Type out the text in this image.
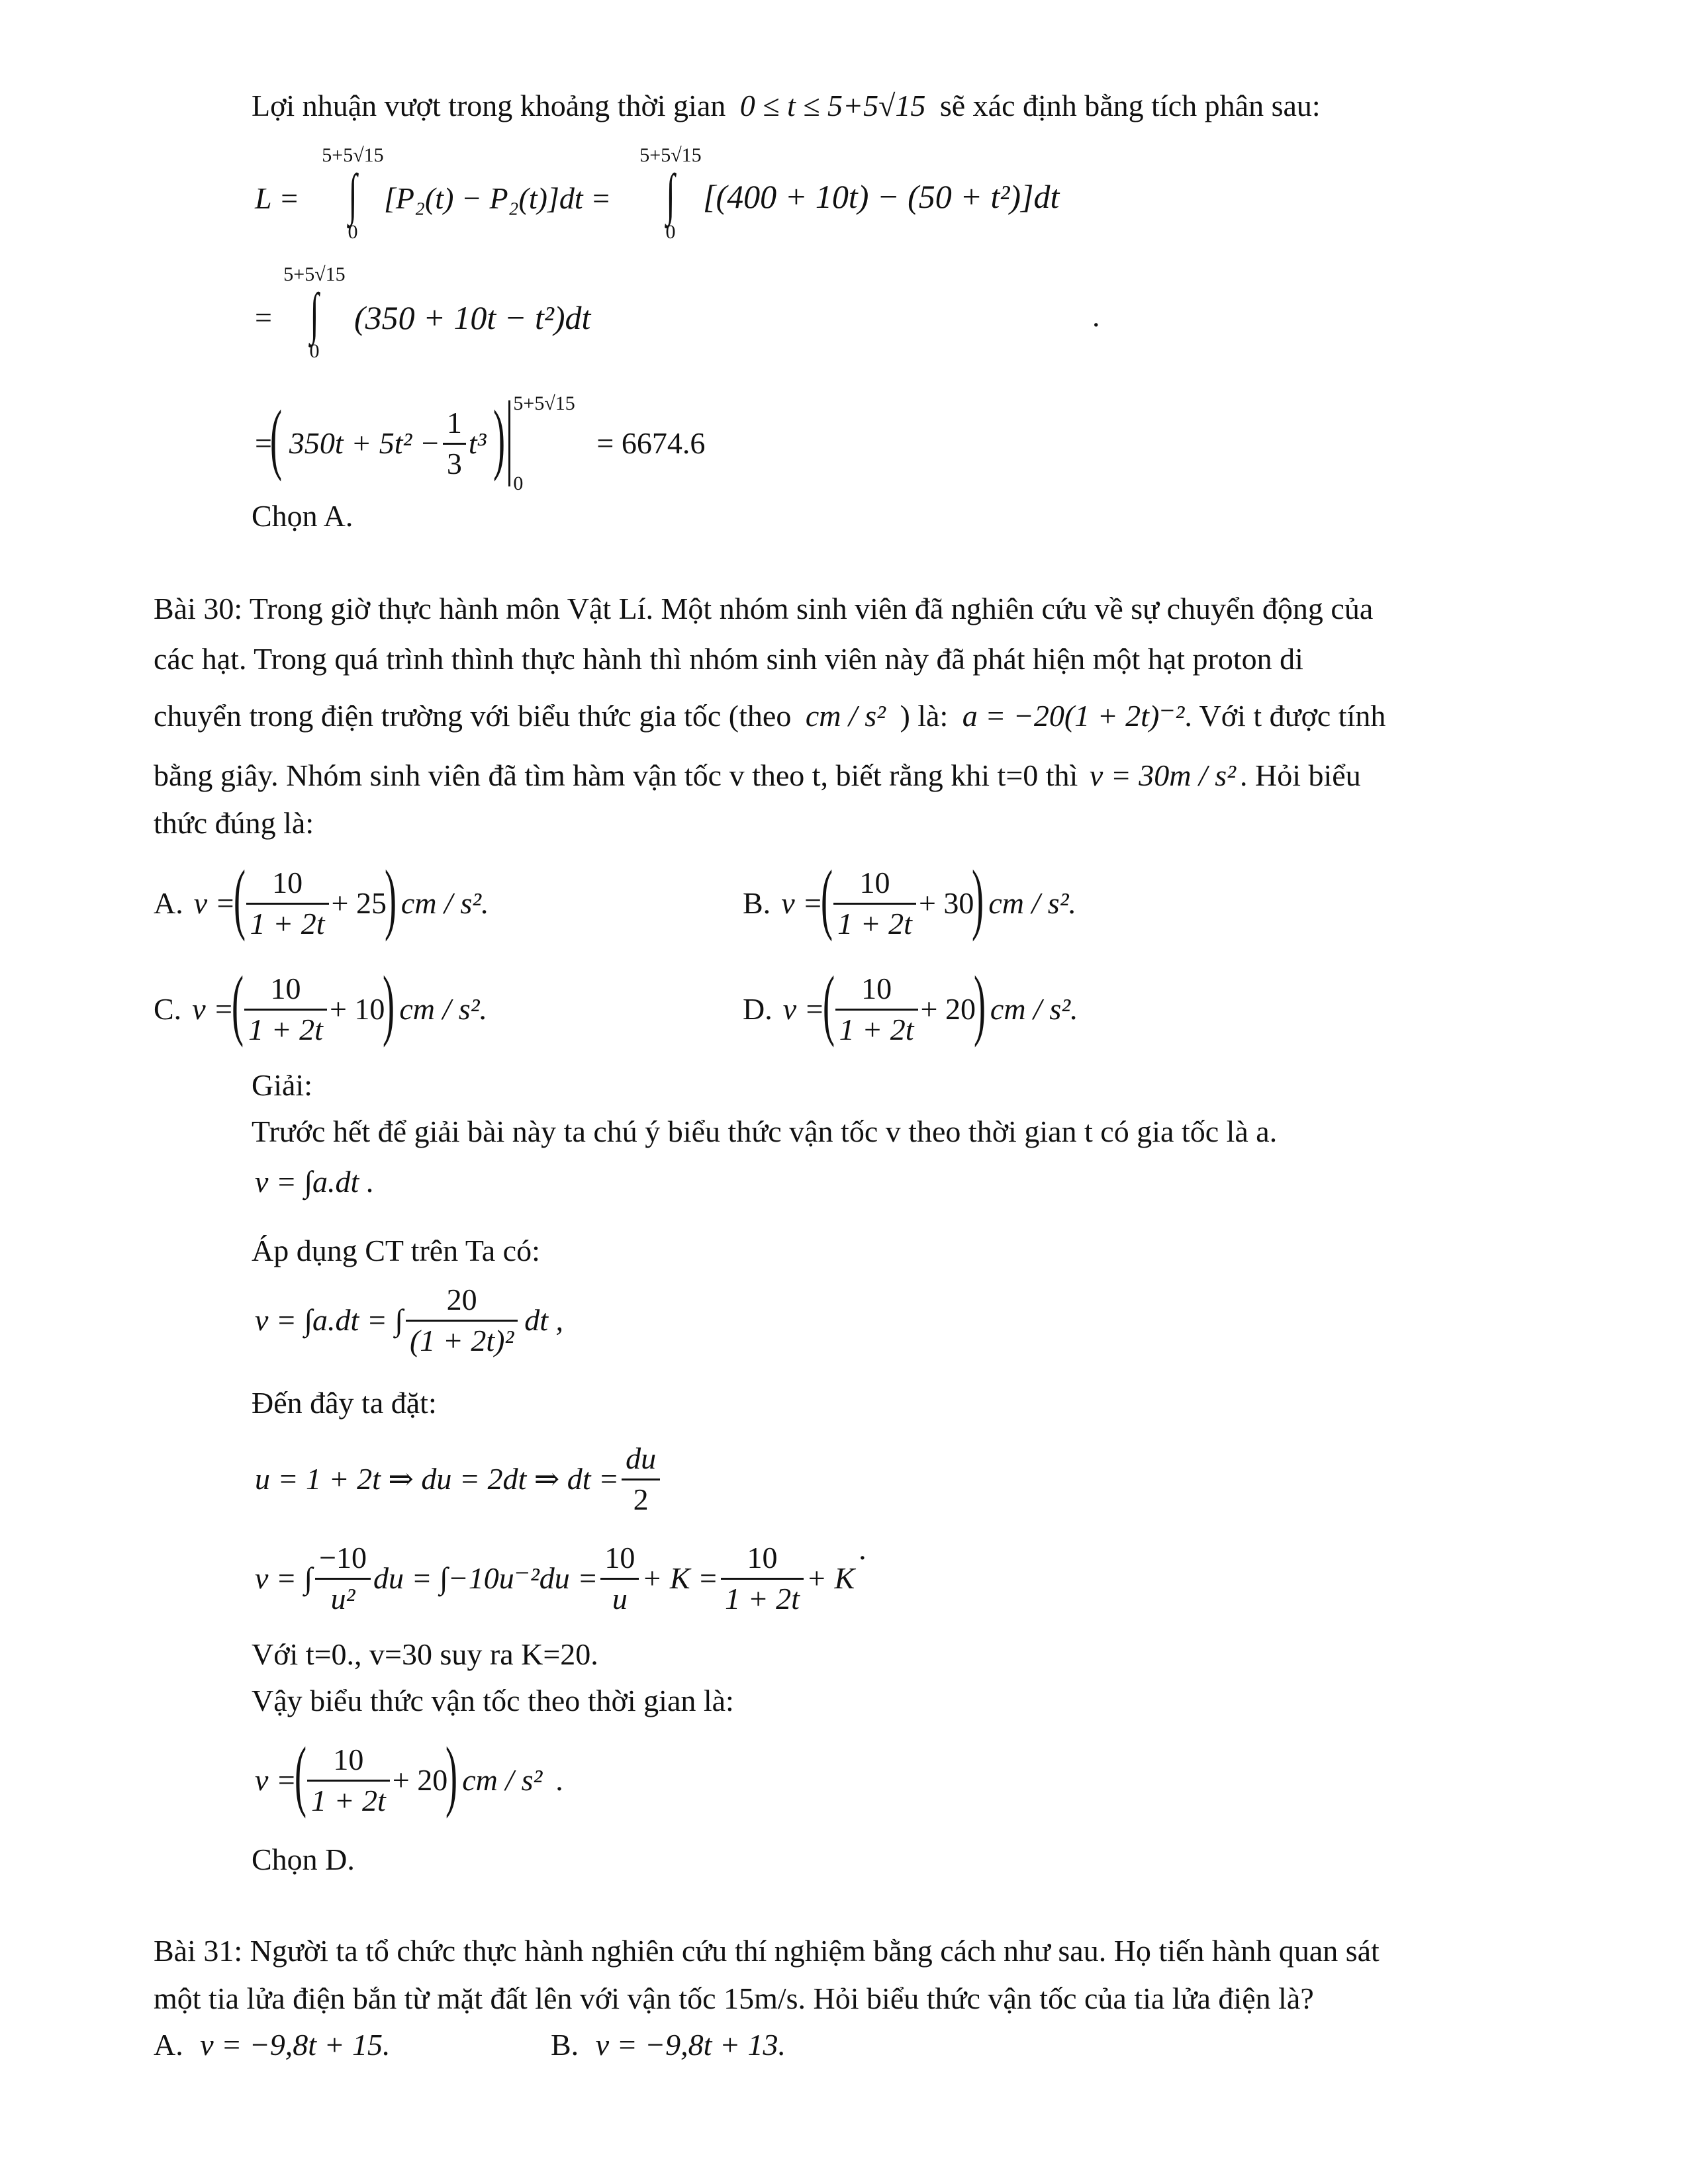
Lợi nhuận vượt trong khoảng thời gian 0 ≤ t ≤ 5+5√15 sẽ xác định bằng tích phân sau:
L =
5+5√15
∫
0
[P₂(t) − P₂(t)]dt =
5+5√15
∫
0
[(400 + 10t) − (50 + t²)]dt
=
5+5√15
∫
0
(350 + 10t − t²)dt	.
=
( $350t + 5t^2 - \frac{1}{3} t^3$ ) 5+5√15
0
= 6674.6
Chọn A.
Bài 30: Trong giờ thực hành môn Vật Lí. Một nhóm sinh viên đã nghiên cứu về sự chuyển động của
các hạt. Trong quá trình thình thực hành thì nhóm sinh viên này đã phát hiện một hạt proton di
chuyển trong điện trường với biểu thức gia tốc (theo cm / s² ) là: a = −20(1 + 2t)⁻². Với t được tính
bằng giây. Nhóm sinh viên đã tìm hàm vận tốc v theo t, biết rằng khi t=0 thì v = 30m / s² . Hỏi biểu
thức đúng là:
A. v =
( $\frac{10}{1 + 2t} + 25$
) cm / s².	B. v =
( $\frac{10}{1 + 2t} + 30$
) cm / s².
C. v =
( $\frac{10}{1 + 2t} + 10$
) cm / s².	D. v =
( $\frac{10}{1 + 2t} + 20$
) cm / s².
Giải:
Trước hết để giải bài này ta chú ý biểu thức vận tốc v theo thời gian t có gia tốc là a.
v = ∫a.dt .
Áp dụng CT trên Ta có:
v = ∫a.dt = ∫ $\frac{20}{\text{(1 + 2t)²}}$ dt ,
Đến đây ta đặt:
u = 1 + 2t ⇒ du = 2dt ⇒ dt = $\frac{du}{2}$
v = ∫ $\frac{-10}{\text{u²}}$ du = $\int-10u^{-2}du = \frac{10}{u} + K = \frac{10}{1 + 2t} + K$
.
Với t=0., v=30 suy ra K=20.
Vậy biểu thức vận tốc theo thời gian là:
v =
( $\frac{10}{1 + 2t} + 20$
) cm / s² .
Chọn D.
Bài 31: Người ta tổ chức thực hành nghiên cứu thí nghiệm bằng cách như sau. Họ tiến hành quan sát
một tia lửa điện bắn từ mặt đất lên với vận tốc 15m/s. Hỏi biểu thức vận tốc của tia lửa điện là?
A. v = −9,8t + 15.	B. v = −9,8t + 13.
